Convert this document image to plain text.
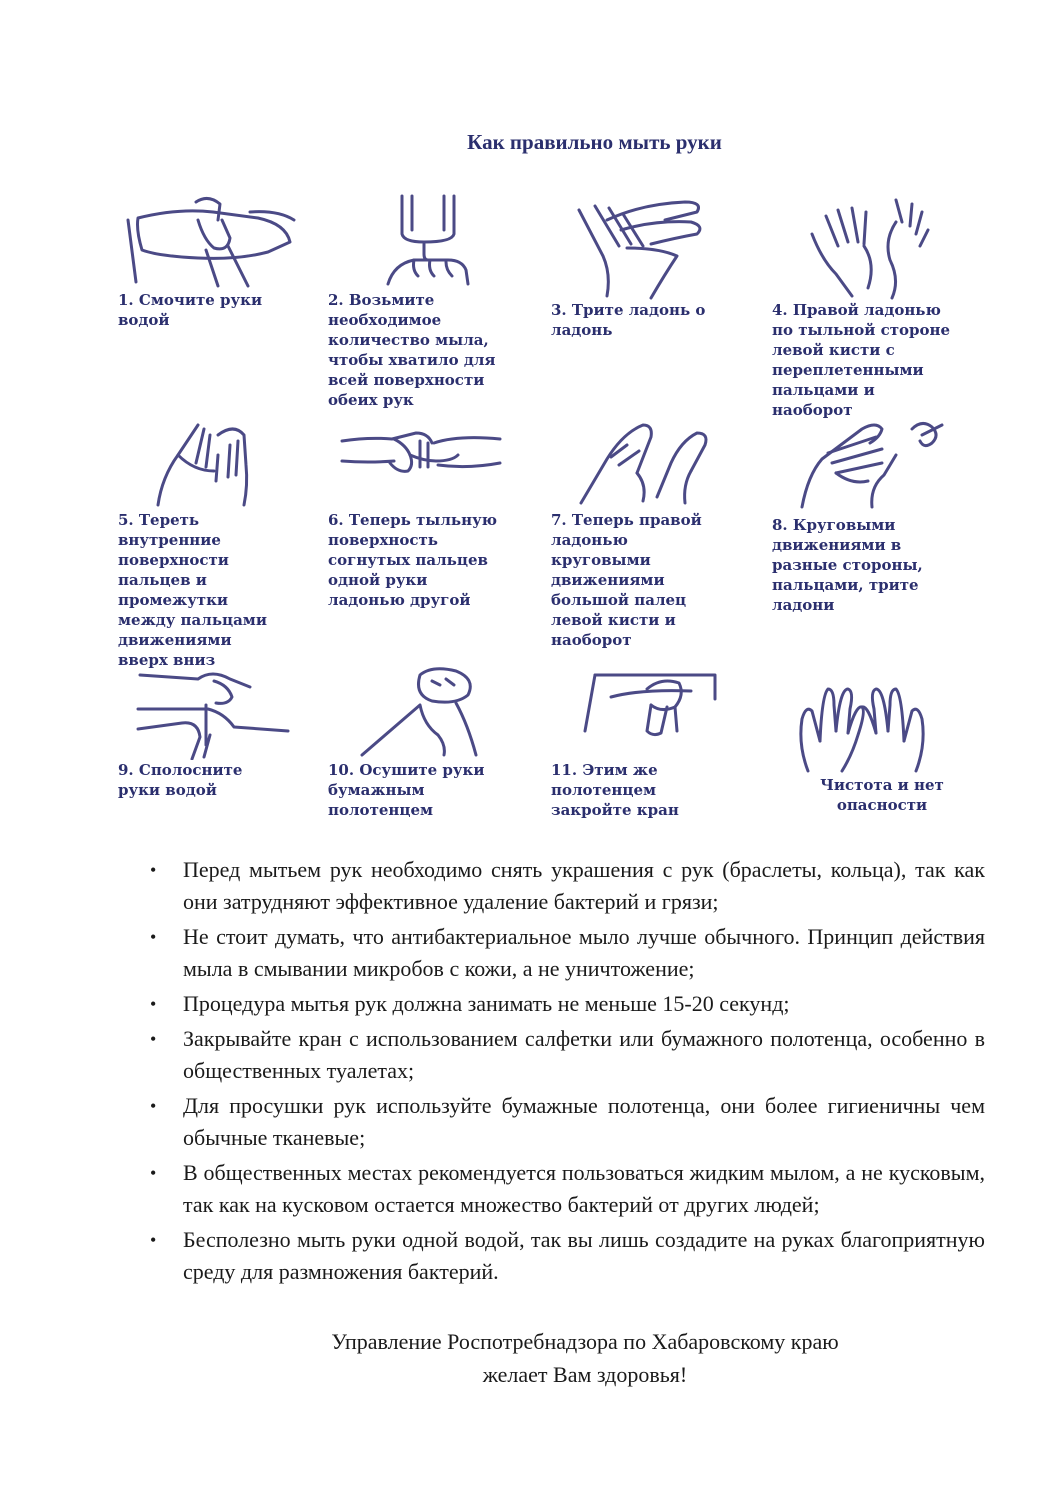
Как правильно мыть руки
1. Смочите руки
водой
2. Возьмите
необходимое
количество мыла,
чтобы хватило для
всей поверхности
обеих рук
3. Трите ладонь о
ладонь
4. Правой ладонью
по тыльной стороне
левой кисти с
переплетенными
пальцами и
наоборот
5. Тереть
внутренние
поверхности
пальцев и
промежутки
между пальцами
движениями
вверх вниз
6. Теперь тыльную
поверхность
согнутых пальцев
одной руки
ладонью другой
7. Теперь правой
ладонью
круговыми
движениями
большой палец
левой кисти и
наоборот
8. Круговыми
движениями в
разные стороны,
пальцами, трите
ладони
9. Сполосните
руки водой
10. Осушите руки
бумажным
полотенцем
11. Этим же
полотенцем
закройте кран
Чистота и нет
опасности
• Перед мытьем рук необходимо снять украшения с рук (браслеты, кольца), так как они затрудняют эффективное удаление бактерий и грязи;
• Не стоит думать, что антибактериальное мыло лучше обычного. Принцип действия мыла в смывании микробов с кожи, а не уничтожение;
• Процедура мытья рук должна занимать не меньше 15-20 секунд;
• Закрывайте кран с использованием салфетки или бумажного полотенца, особенно в общественных туалетах;
• Для просушки рук используйте бумажные полотенца, они более гигиеничны чем обычные тканевые;
• В общественных местах рекомендуется пользоваться жидким мылом, а не кусковым, так как на кусковом остается множество бактерий от других людей;
• Бесполезно мыть руки одной водой, так вы лишь создадите на руках благоприятную среду для размножения бактерий.
Управление Роспотребнадзора по Хабаровскому краю
желает Вам здоровья!
